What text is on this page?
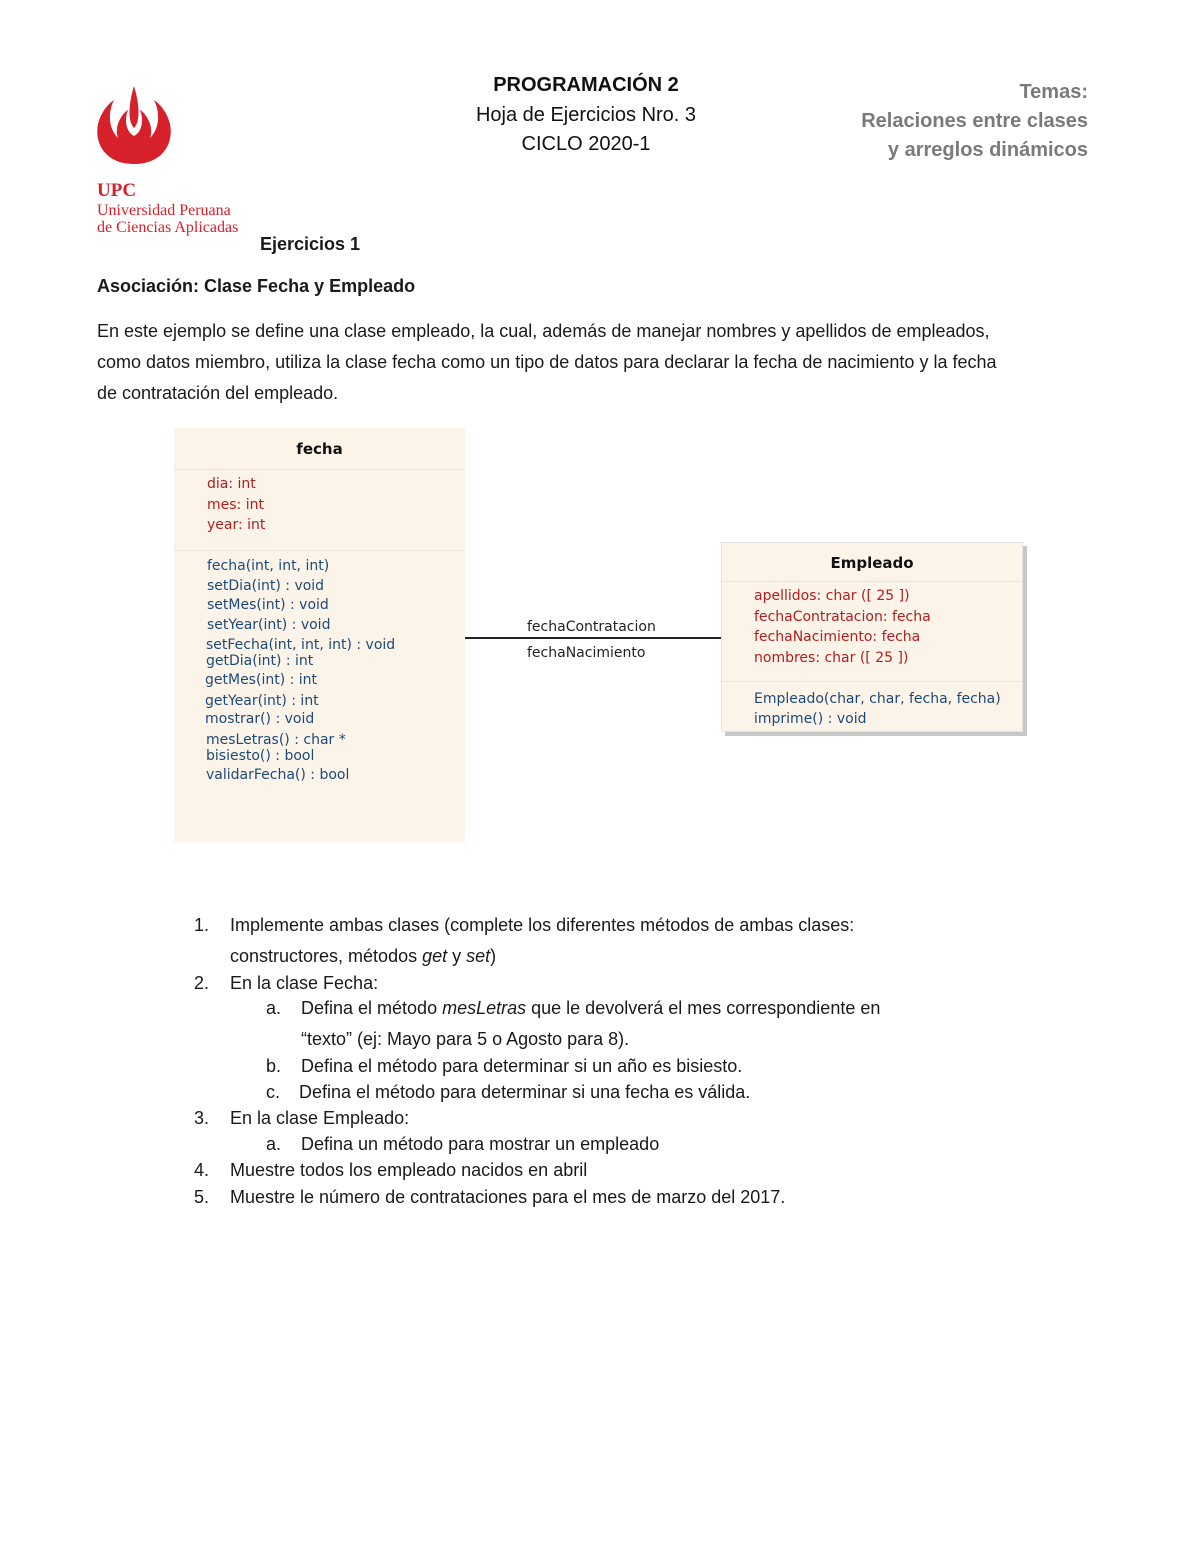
UPC
Universidad Peruana
de Ciencias Aplicadas
PROGRAMACIÓN 2
Hoja de Ejercicios Nro. 3
CICLO 2020-1
Temas:
Relaciones entre clases
y arreglos dinámicos
Ejercicios 1
Asociación: Clase Fecha y Empleado
En este ejemplo se define una clase empleado, la cual, además de manejar nombres y apellidos de empleados, como datos miembro, utiliza la clase fecha como un tipo de datos para declarar la fecha de nacimiento y la fecha de contratación del empleado.
fecha
dia: int
mes: int
year: int
fecha(int, int, int)
setDia(int) : void
setMes(int) : void
setYear(int) : void
setFecha(int, int, int) : void
getDia(int) : int
getMes(int) : int
getYear(int) : int
mostrar() : void
mesLetras() : char *
bisiesto() : bool
validarFecha() : bool
fechaContratacion
fechaNacimiento
Empleado
apellidos: char ([ 25 ])
fechaContratacion: fecha
fechaNacimiento: fecha
nombres: char ([ 25 ])
Empleado(char, char, fecha, fecha)
imprime() : void
1. Implemente ambas clases (complete los diferentes métodos de ambas clases:
constructores, métodos get y set)
2. En la clase Fecha:
a. Defina el método mesLetras que le devolverá el mes correspondiente en
“texto” (ej: Mayo para 5 o Agosto para 8).
b. Defina el método para determinar si un año es bisiesto.
c. Defina el método para determinar si una fecha es válida.
3. En la clase Empleado:
a. Defina un método para mostrar un empleado
4. Muestre todos los empleado nacidos en abril
5. Muestre le número de contrataciones para el mes de marzo del 2017.
